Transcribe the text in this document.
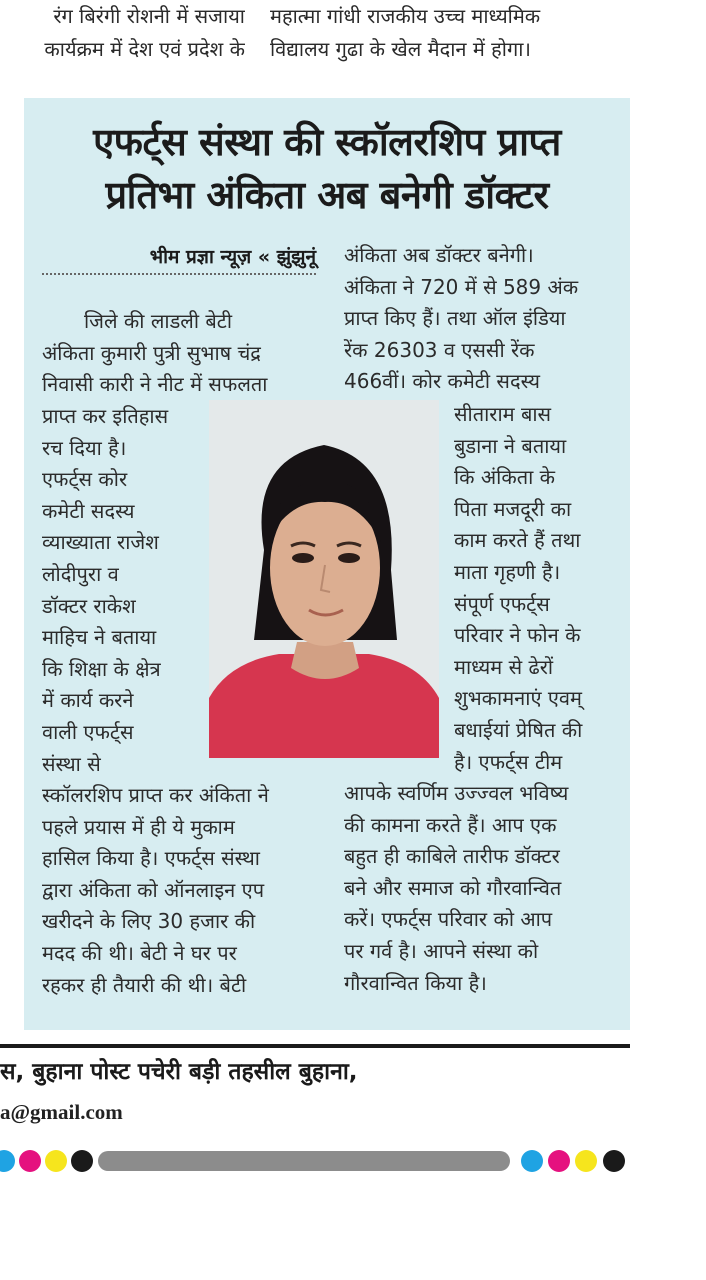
रंग बिरंगी रोशनी में सजाया

कार्यक्रम में देश एवं प्रदेश के

महात्मा गांधी राजकीय उच्च माध्यमिक

विद्यालय गुढा के खेल मैदान में होगा।

एफर्ट्स संस्था की स्कॉलरशिप प्राप्त
प्रतिभा अंकिता अब बनेगी डॉक्टर
भीम प्रज्ञा न्यूज़ « झुंझुनूं

जिले की लाडली बेटी

अंकिता कुमारी पुत्री सुभाष चंद्र

निवासी कारी ने नीट में सफलता

प्राप्त कर इतिहास

रच दिया है।

एफर्ट्स कोर

कमेटी सदस्य

व्याख्याता राजेश

लोदीपुरा व

डॉक्टर राकेश

माहिच ने बताया

कि शिक्षा के क्षेत्र

में कार्य करने

वाली एफर्ट्स

संस्था से

स्कॉलरशिप प्राप्त कर अंकिता ने

पहले प्रयास में ही ये मुकाम

हासिल किया है। एफर्ट्स संस्था

द्वारा अंकिता को ऑनलाइन एप

खरीदने के लिए 30 हजार की

मदद की थी। बेटी ने घर पर

रहकर ही तैयारी की थी। बेटी

अंकिता अब डॉक्टर बनेगी।

अंकिता ने 720 में से 589 अंक

प्राप्त किए हैं। तथा ऑल इंडिया

रेंक 26303 व एससी रेंक

466वीं। कोर कमेटी सदस्य

सीताराम बास

बुडाना ने बताया

कि अंकिता के

पिता मजदूरी का

काम करते हैं तथा

माता गृहणी है।

संपूर्ण एफर्ट्स

परिवार ने फोन के

माध्यम से ढेरों

शुभकामनाएं एवम्

बधाईयां प्रेषित की

है। एफर्ट्स टीम

आपके स्वर्णिम उज्ज्वल भविष्य

की कामना करते हैं। आप एक

बहुत ही काबिले तारीफ डॉक्टर

बने और समाज को गौरवान्वित

करें। एफर्ट्स परिवार को आप

पर गर्व है। आपने संस्था को

गौरवान्वित किया है।

स, बुहाना पोस्ट पचेरी बड़ी तहसील बुहाना,
a@gmail.com
